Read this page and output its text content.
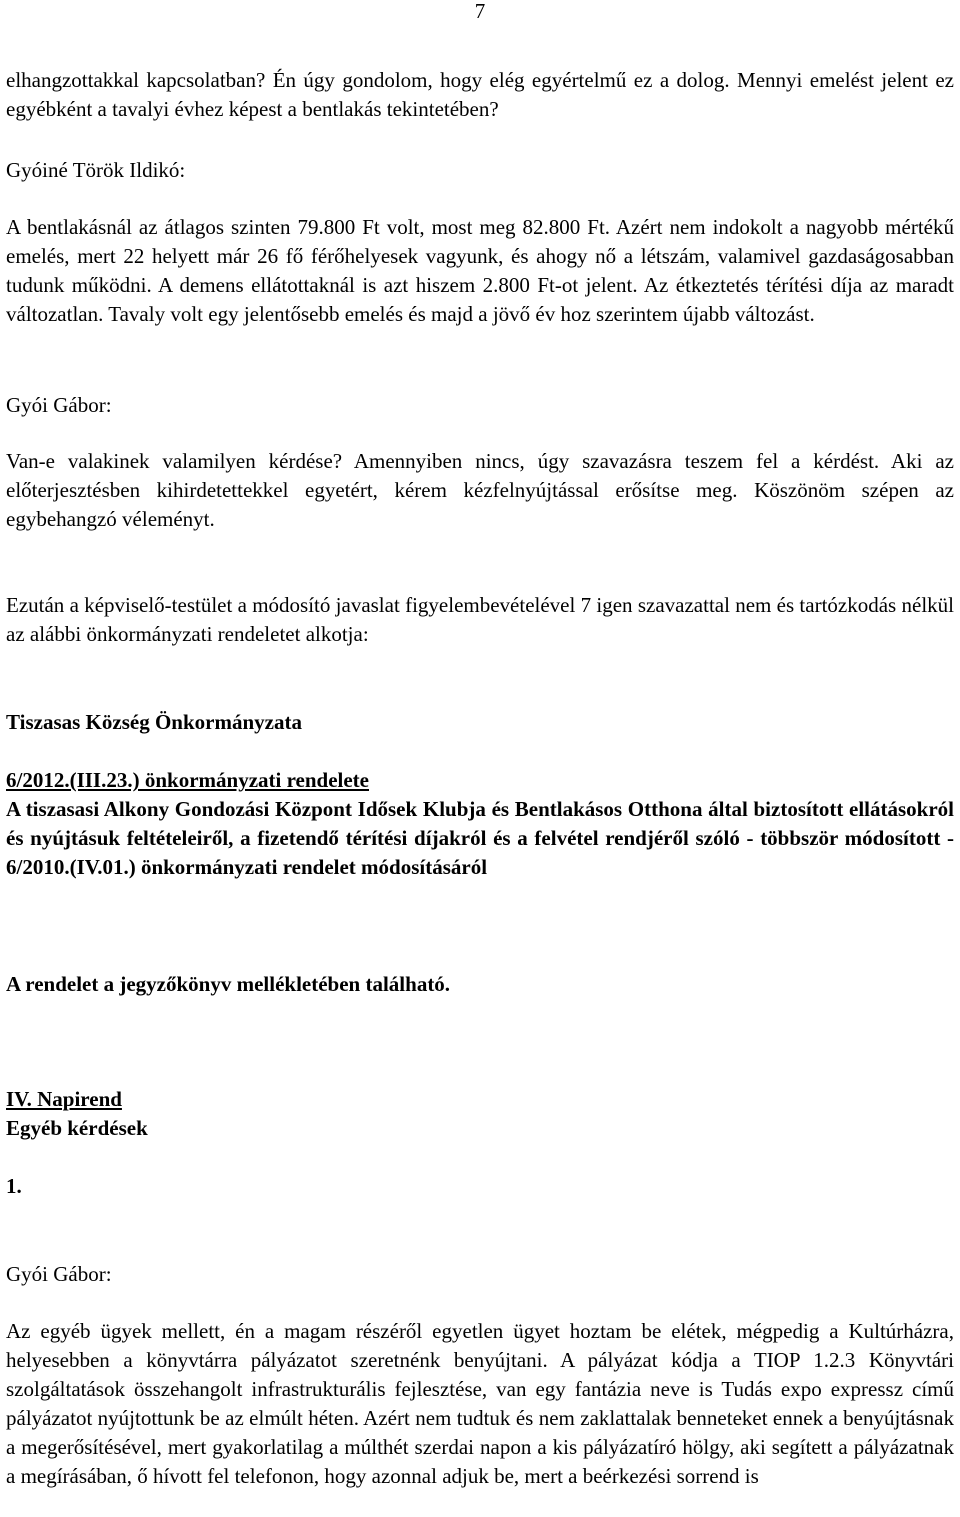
7
elhangzottakkal kapcsolatban? Én úgy gondolom, hogy elég egyértelmű ez a dolog. Mennyi emelést jelent ez egyébként a tavalyi évhez képest a bentlakás tekintetében?
Gyóiné Török Ildikó:
A bentlakásnál az átlagos szinten 79.800 Ft volt, most meg 82.800 Ft. Azért nem indokolt a nagyobb mértékű emelés, mert 22 helyett már 26 fő férőhelyesek vagyunk, és ahogy nő a létszám, valamivel gazdaságosabban tudunk működni. A demens ellátottaknál is azt hiszem 2.800 Ft-ot jelent. Az étkeztetés térítési díja az maradt változatlan. Tavaly volt egy jelentősebb emelés és majd a jövő év hoz szerintem újabb változást.
Gyói Gábor:
Van-e valakinek valamilyen kérdése? Amennyiben nincs, úgy szavazásra teszem fel a kérdést. Aki az előterjesztésben kihirdetettekkel egyetért, kérem kézfelnyújtással erősítse meg. Köszönöm szépen az egybehangzó véleményt.
Ezután a képviselő-testület a módosító javaslat figyelembevételével 7 igen szavazattal nem és tartózkodás nélkül az alábbi önkormányzati rendeletet alkotja:
Tiszasas Község Önkormányzata
6/2012.(III.23.) önkormányzati rendelete
A tiszasasi Alkony Gondozási Központ Idősek Klubja és Bentlakásos Otthona által biztosított ellátásokról és nyújtásuk feltételeiről, a fizetendő térítési díjakról és a felvétel rendjéről szóló - többször módosított - 6/2010.(IV.01.) önkormányzati rendelet módosításáról
A rendelet a jegyzőkönyv mellékletében található.
IV. Napirend
Egyéb kérdések
1.
Gyói Gábor:
Az egyéb ügyek mellett, én a magam részéről egyetlen ügyet hoztam be elétek, mégpedig a Kultúrházra, helyesebben a könyvtárra pályázatot szeretnénk benyújtani. A pályázat kódja a TIOP 1.2.3 Könyvtári szolgáltatások összehangolt infrastrukturális fejlesztése, van egy fantázia neve is Tudás expo expressz című pályázatot nyújtottunk be az elmúlt héten. Azért nem tudtuk és nem zaklattalak benneteket ennek a benyújtásnak a megerősítésével, mert gyakorlatilag a múlthét szerdai napon a kis pályázatíró hölgy, aki segített a pályázatnak a megírásában, ő hívott fel telefonon, hogy azonnal adjuk be, mert a beérkezési sorrend is
